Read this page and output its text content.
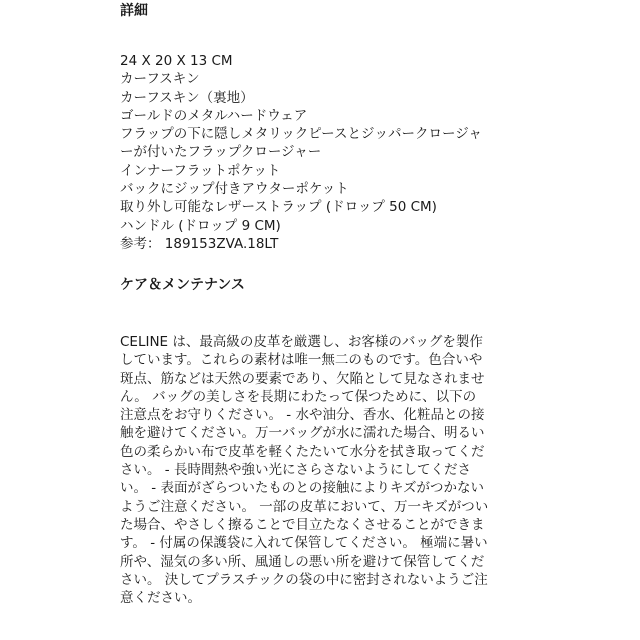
詳細
24 X 20 X 13 CM
カーフスキン
カーフスキン（裏地）
ゴールドのメタルハードウェア
フラップの下に隠しメタリックピースとジッパークロージャ
ーが付いたフラップクロージャー
インナーフラットポケット
バックにジップ付きアウターポケット
取り外し可能なレザーストラップ (ドロップ 50 CM)
ハンドル (ドロップ 9 CM)
参考： 189153ZVA.18LT
ケア＆メンテナンス
CELINE は、最高級の皮革を厳選し、お客様のバッグを製作
しています。これらの素材は唯一無二のものです。色合いや
斑点、筋などは天然の要素であり、欠陥として見なされませ
ん。 バッグの美しさを長期にわたって保つために、以下の
注意点をお守りください。 - 水や油分、香水、化粧品との接
触を避けてください。万一バッグが水に濡れた場合、明るい
色の柔らかい布で皮革を軽くたたいて水分を拭き取ってくだ
さい。 - 長時間熱や強い光にさらさないようにしてくださ
い。 - 表面がざらついたものとの接触によりキズがつかない
ようご注意ください。 一部の皮革において、万一キズがつい
た場合、やさしく擦ることで目立たなくさせることができま
す。 - 付属の保護袋に入れて保管してください。 極端に暑い
所や、湿気の多い所、風通しの悪い所を避けて保管してくだ
さい。 決してプラスチックの袋の中に密封されないようご注
意ください。
